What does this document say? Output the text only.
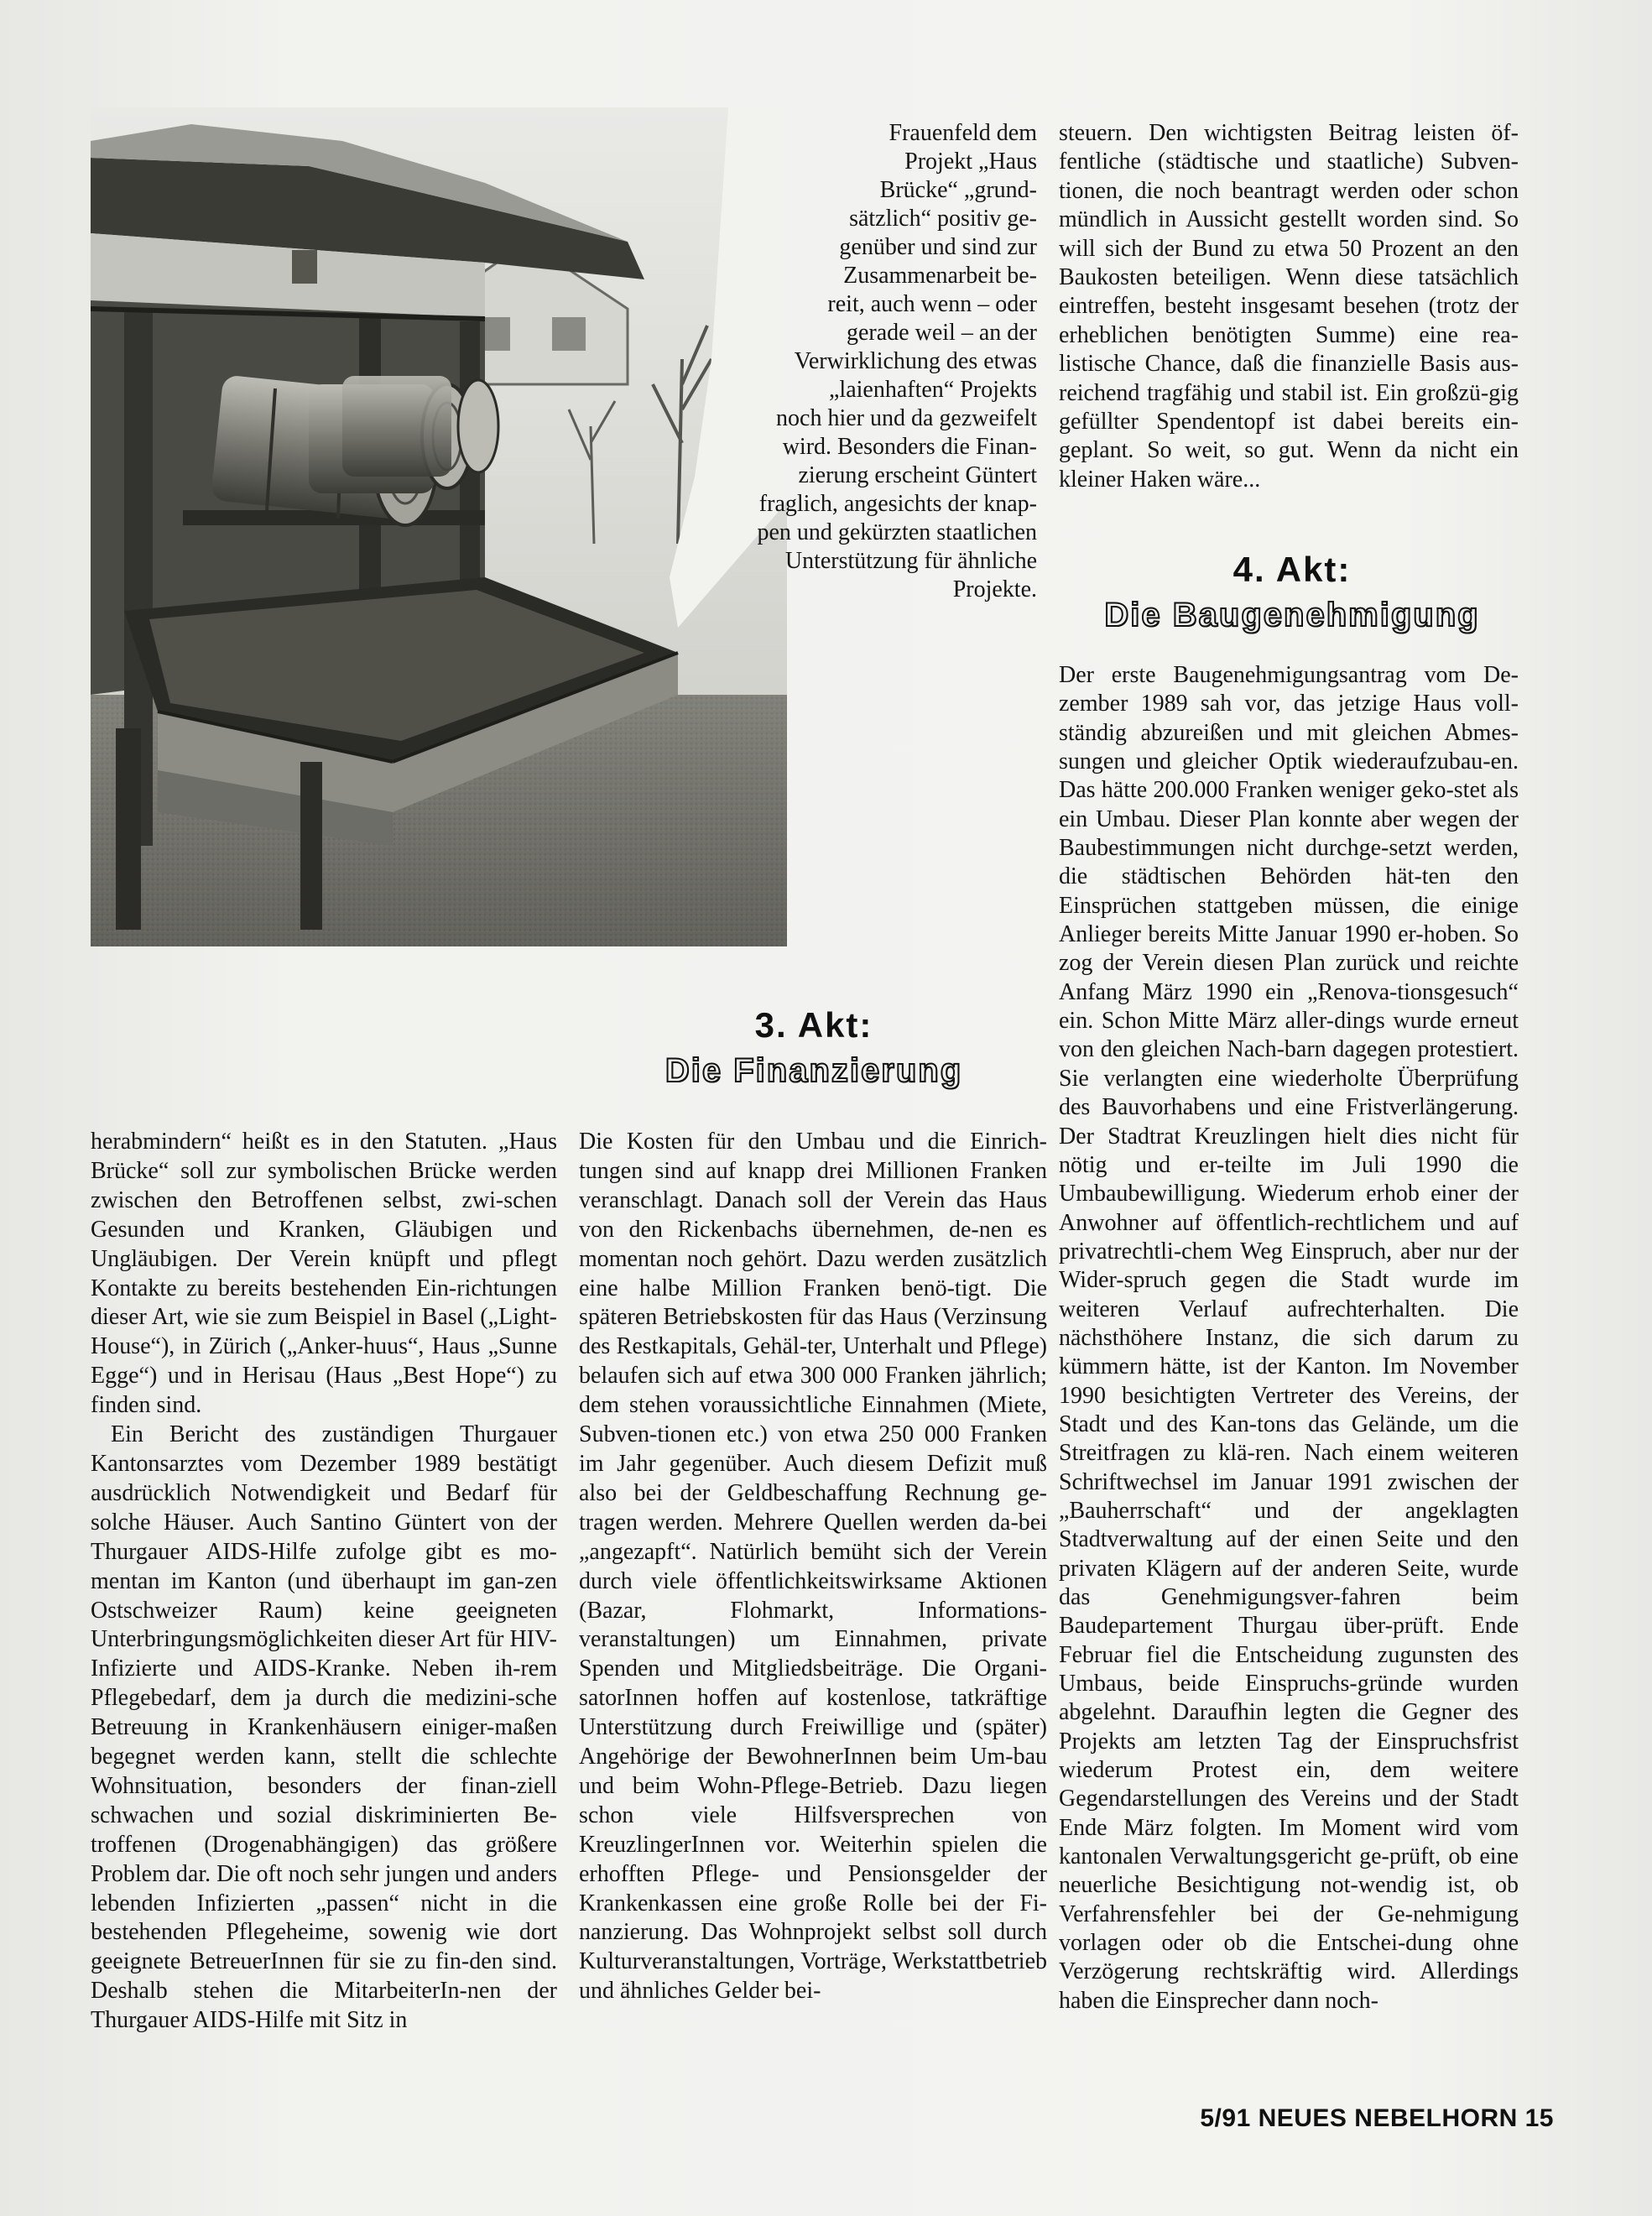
Frauenfeld dem
Projekt „Haus
Brücke“ „grund-
sätzlich“ positiv ge-
genüber und sind zur
Zusammenarbeit be-
reit, auch wenn – oder
gerade weil – an der
Verwirklichung des etwas
„laienhaften“ Projekts
noch hier und da gezweifelt
wird. Besonders die Finan-
zierung erscheint Güntert
fraglich, angesichts der knap-
pen und gekürzten staatlichen
Unterstützung für ähnliche
Projekte.

steuern. Den wichtigsten Beitrag leisten öf-fentliche (städtische und staatliche) Subven-tionen, die noch beantragt werden oder schon mündlich in Aussicht gestellt worden sind. So will sich der Bund zu etwa 50 Prozent an den Baukosten beteiligen. Wenn diese tatsächlich eintreffen, besteht insgesamt besehen (trotz der erheblichen benötigten Summe) eine rea-listische Chance, daß die finanzielle Basis aus-reichend tragfähig und stabil ist. Ein großzü-gig gefüllter Spendentopf ist dabei bereits ein-geplant. So weit, so gut. Wenn da nicht ein kleiner Haken wäre...

4. Akt:
Die Baugenehmigung

Der erste Baugenehmigungsantrag vom De-zember 1989 sah vor, das jetzige Haus voll-ständig abzureißen und mit gleichen Abmes-sungen und gleicher Optik wiederaufzubau-en. Das hätte 200.000 Franken weniger geko-stet als ein Umbau. Dieser Plan konnte aber wegen der Baubestimmungen nicht durchge-setzt werden, die städtischen Behörden hät-ten den Einsprüchen stattgeben müssen, die einige Anlieger bereits Mitte Januar 1990 er-hoben. So zog der Verein diesen Plan zurück und reichte Anfang März 1990 ein „Renova-tionsgesuch“ ein. Schon Mitte März aller-dings wurde erneut von den gleichen Nach-barn dagegen protestiert. Sie verlangten eine wiederholte Überprüfung des Bauvorhabens und eine Fristverlängerung. Der Stadtrat Kreuzlingen hielt dies nicht für nötig und er-teilte im Juli 1990 die Umbaubewilligung. Wiederum erhob einer der Anwohner auf öffentlich-rechtlichem und auf privatrechtli-chem Weg Einspruch, aber nur der Wider-spruch gegen die Stadt wurde im weiteren Verlauf aufrechterhalten. Die nächsthöhere Instanz, die sich darum zu kümmern hätte, ist der Kanton. Im November 1990 besichtigten Vertreter des Vereins, der Stadt und des Kan-tons das Gelände, um die Streitfragen zu klä-ren. Nach einem weiteren Schriftwechsel im Januar 1991 zwischen der „Bauherrschaft“ und der angeklagten Stadtverwaltung auf der einen Seite und den privaten Klägern auf der anderen Seite, wurde das Genehmigungsver-fahren beim Baudepartement Thurgau über-prüft. Ende Februar fiel die Entscheidung zugunsten des Umbaus, beide Einspruchs-gründe wurden abgelehnt. Daraufhin legten die Gegner des Projekts am letzten Tag der Einspruchsfrist wiederum Protest ein, dem weitere Gegendarstellungen des Vereins und der Stadt Ende März folgten. Im Moment wird vom kantonalen Verwaltungsgericht ge-prüft, ob eine neuerliche Besichtigung not-wendig ist, ob Verfahrensfehler bei der Ge-nehmigung vorlagen oder ob die Entschei-dung ohne Verzögerung rechtskräftig wird. Allerdings haben die Einsprecher dann noch-

3. Akt:
Die Finanzierung

herabmindern“ heißt es in den Statuten. „Haus Brücke“ soll zur symbolischen Brücke werden zwischen den Betroffenen selbst, zwi-schen Gesunden und Kranken, Gläubigen und Ungläubigen. Der Verein knüpft und pflegt Kontakte zu bereits bestehenden Ein-richtungen dieser Art, wie sie zum Beispiel in Basel („Light-House“), in Zürich („Anker-huus“, Haus „Sunne Egge“) und in Herisau (Haus „Best Hope“) zu finden sind.

Ein Bericht des zuständigen Thurgauer Kantonsarztes vom Dezember 1989 bestätigt ausdrücklich Notwendigkeit und Bedarf für solche Häuser. Auch Santino Güntert von der Thurgauer AIDS-Hilfe zufolge gibt es mo-mentan im Kanton (und überhaupt im gan-zen Ostschweizer Raum) keine geeigneten Unterbringungsmöglichkeiten dieser Art für HIV-Infizierte und AIDS-Kranke. Neben ih-rem Pflegebedarf, dem ja durch die medizini-sche Betreuung in Krankenhäusern einiger-maßen begegnet werden kann, stellt die schlechte Wohnsituation, besonders der finan-ziell schwachen und sozial diskriminierten Be-troffenen (Drogenabhängigen) das größere Problem dar. Die oft noch sehr jungen und anders lebenden Infizierten „passen“ nicht in die bestehenden Pflegeheime, sowenig wie dort geeignete BetreuerInnen für sie zu fin-den sind. Deshalb stehen die MitarbeiterIn-nen der Thurgauer AIDS-Hilfe mit Sitz in

Die Kosten für den Umbau und die Einrich-tungen sind auf knapp drei Millionen Franken veranschlagt. Danach soll der Verein das Haus von den Rickenbachs übernehmen, de-nen es momentan noch gehört. Dazu werden zusätzlich eine halbe Million Franken benö-tigt. Die späteren Betriebskosten für das Haus (Verzinsung des Restkapitals, Gehäl-ter, Unterhalt und Pflege) belaufen sich auf etwa 300 000 Franken jährlich; dem stehen voraussichtliche Einnahmen (Miete, Subven-tionen etc.) von etwa 250 000 Franken im Jahr gegenüber. Auch diesem Defizit muß also bei der Geldbeschaffung Rechnung ge-tragen werden. Mehrere Quellen werden da-bei „angezapft“. Natürlich bemüht sich der Verein durch viele öffentlichkeitswirksame Aktionen (Bazar, Flohmarkt, Informations-veranstaltungen) um Einnahmen, private Spenden und Mitgliedsbeiträge. Die Organi-satorInnen hoffen auf kostenlose, tatkräftige Unterstützung durch Freiwillige und (später) Angehörige der BewohnerInnen beim Um-bau und beim Wohn-Pflege-Betrieb. Dazu liegen schon viele Hilfsversprechen von KreuzlingerInnen vor. Weiterhin spielen die erhofften Pflege- und Pensionsgelder der Krankenkassen eine große Rolle bei der Fi-nanzierung. Das Wohnprojekt selbst soll durch Kulturveranstaltungen, Vorträge, Werkstattbetrieb und ähnliches Gelder bei-

5/91 NEUES NEBELHORN 15
